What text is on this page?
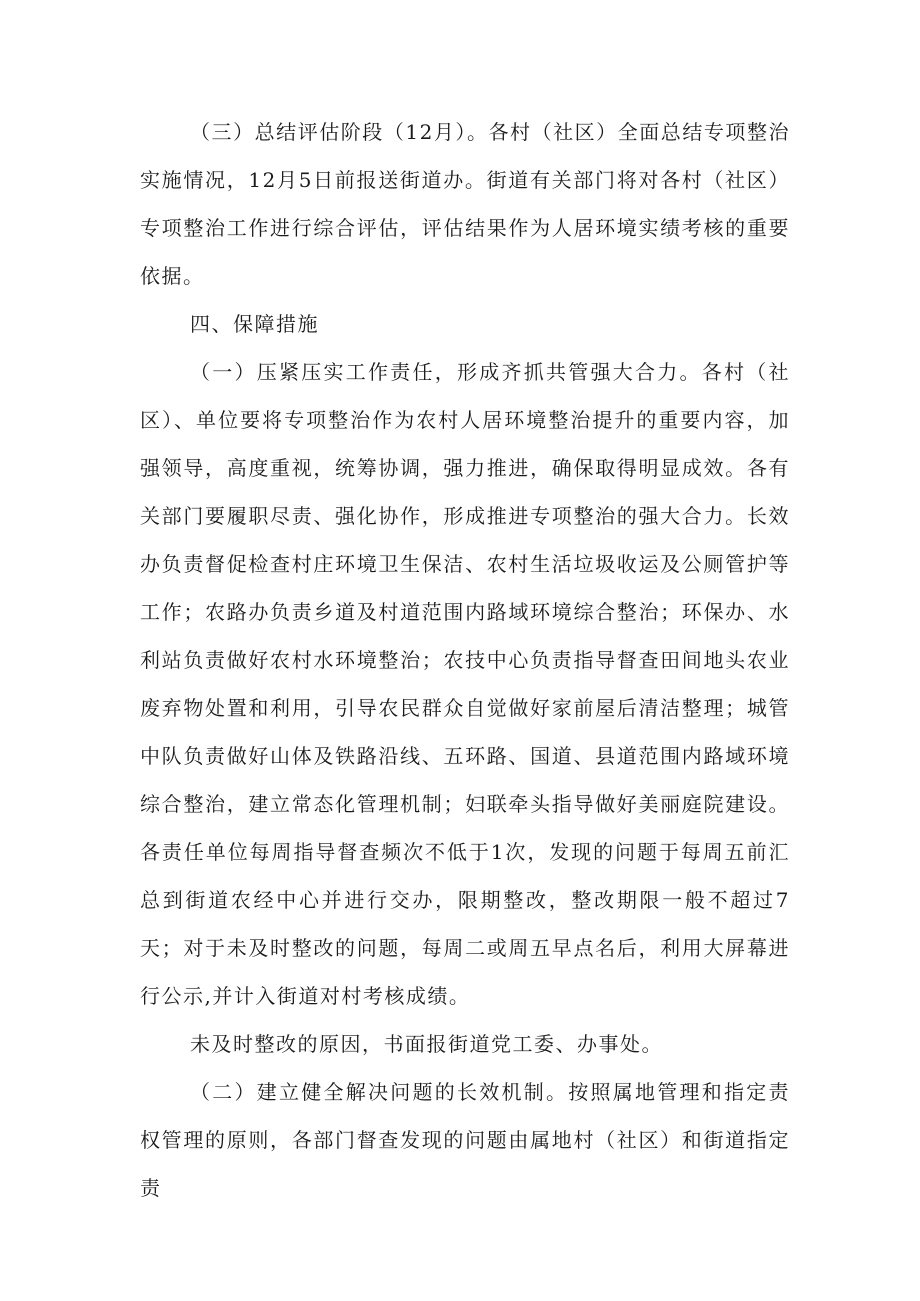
（三）总结评估阶段（12月）。各村（社区）全面总结专项整治实施情况，12月5日前报送街道办。街道有关部门将对各村（社区）专项整治工作进行综合评估，评估结果作为人居环境实绩考核的重要依据。

四、保障措施

（一）压紧压实工作责任，形成齐抓共管强大合力。各村（社区）、单位要将专项整治作为农村人居环境整治提升的重要内容，加强领导，高度重视，统筹协调，强力推进，确保取得明显成效。各有关部门要履职尽责、强化协作，形成推进专项整治的强大合力。长效办负责督促检查村庄环境卫生保洁、农村生活垃圾收运及公厕管护等工作；农路办负责乡道及村道范围内路域环境综合整治；环保办、水利站负责做好农村水环境整治；农技中心负责指导督查田间地头农业废弃物处置和利用，引导农民群众自觉做好家前屋后清洁整理；城管中队负责做好山体及铁路沿线、五环路、国道、县道范围内路域环境综合整治，建立常态化管理机制；妇联牵头指导做好美丽庭院建设。各责任单位每周指导督查频次不低于1次，发现的问题于每周五前汇总到街道农经中心并进行交办，限期整改，整改期限一般不超过7天；对于未及时整改的问题，每周二或周五早点名后，利用大屏幕进行公示,并计入街道对村考核成绩。

未及时整改的原因，书面报街道党工委、办事处。

（二）建立健全解决问题的长效机制。按照属地管理和指定责权管理的原则，各部门督查发现的问题由属地村（社区）和街道指定责
